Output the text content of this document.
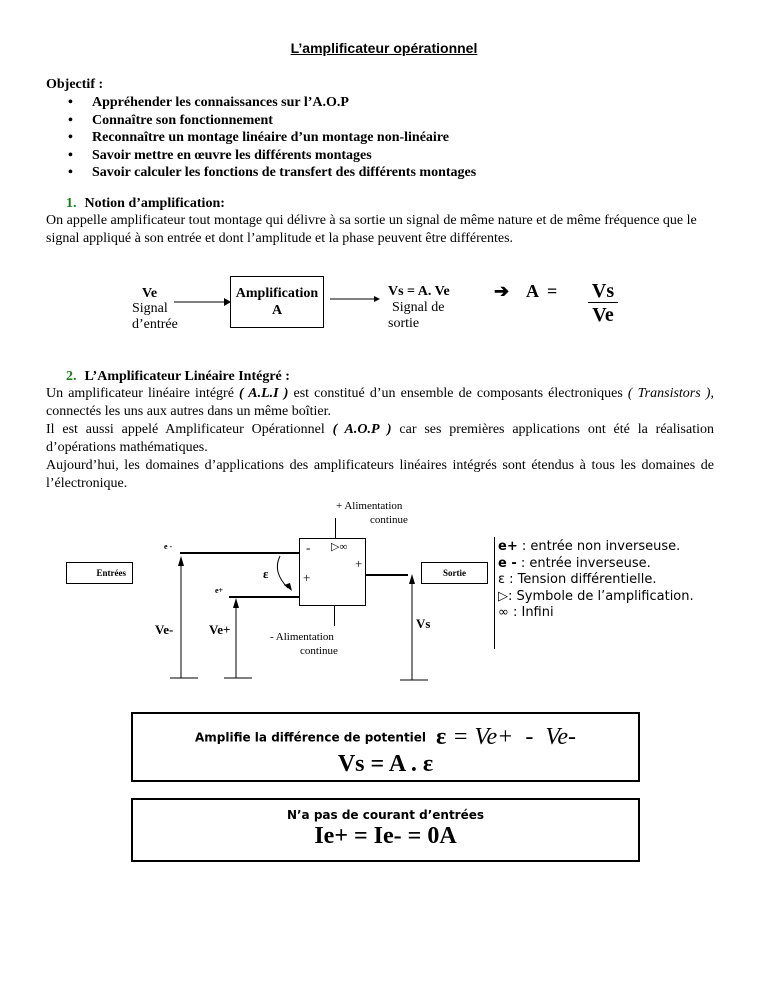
L’amplificateur opérationnel
Objectif :
• Appréhender les connaissances sur l’A.O.P
• Connaître son fonctionnement
• Reconnaître un montage linéaire d’un montage non-linéaire
• Savoir mettre en œuvre les différents montages
• Savoir calculer les fonctions de transfert des différents montages
1. Notion d’amplification:
On appelle amplificateur tout montage qui délivre à sa sortie un signal de même nature et de même fréquence que le signal appliqué à son entrée et dont l’amplitude et la phase peuvent être différentes.
Ve
Signal
d’entrée
Amplification
A
Vs = A. Ve
Signal de
sortie
➔ $A = \frac{Vs}{Ve}$
2. L’Amplificateur Linéaire Intégré :
Un amplificateur linéaire intégré ( A.L.I ) est constitué d’un ensemble de composants électroniques ( Transistors ), connectés les uns aux autres dans un même boîtier.
Il est aussi appelé Amplificateur Opérationnel ( A.O.P ) car ses premières applications ont été la réalisation d’opérations mathématiques.
Aujourd’hui, les domaines d’applications des amplificateurs linéaires intégrés sont étendus à tous les domaines de l’électronique.
+ Alimentation
continue
- ▷∞
+
+
- Alimentation
continue
e -
e+
ε
Entrées	Sortie
Ve-	Ve+	Vs
e+ : entrée non inverseuse.
e - : entrée inverseuse.
ε : Tension différentielle.
▷: Symbole de l’amplification.
∞ : Infini
Amplifie la différence de potentiel ε = Ve+  -  Ve-
Vs = A . ε
N’a pas de courant d’entrées
Ie+ = Ie- = 0A
